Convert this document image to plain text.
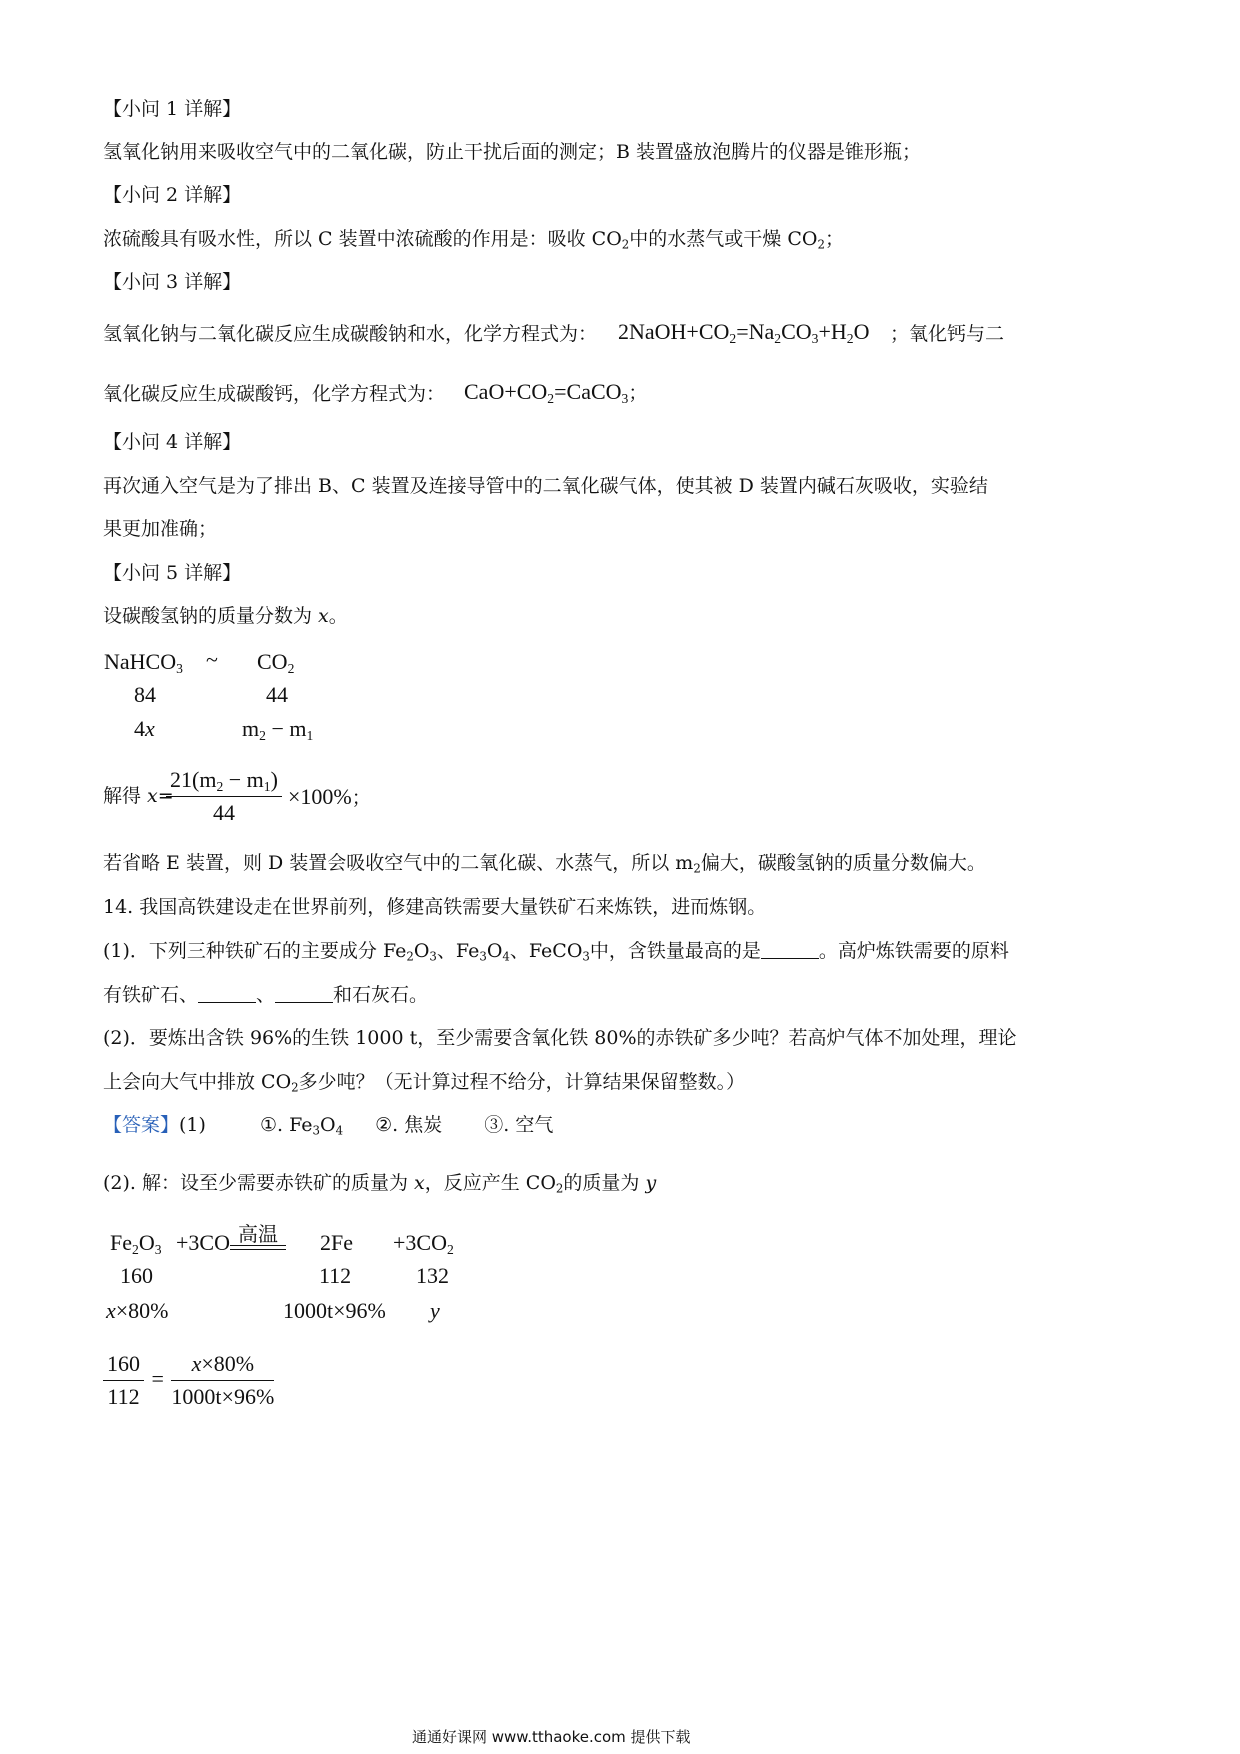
【小问 1 详解】
氢氧化钠用来吸收空气中的二氧化碳，防止干扰后面的测定；B 装置盛放泡腾片的仪器是锥形瓶；
【小问 2 详解】
浓硫酸具有吸水性，所以 C 装置中浓硫酸的作用是：吸收 $CO_2$中的水蒸气或干燥 $CO_2$；
【小问 3 详解】
氢氧化钠与二氧化碳反应生成碳酸钠和水，化学方程式为： $2NaOH+CO_2=Na_2CO_3+H_2O$ ；氧化钙与二
氧化碳反应生成碳酸钙，化学方程式为： $CaO+CO_2=CaCO_3$；
【小问 4 详解】
再次通入空气是为了排出 B、C 装置及连接导管中的二氧化碳气体，使其被 D 装置内碱石灰吸收，实验结
果更加准确；
【小问 5 详解】
设碳酸氢钠的质量分数为 x。
NaHCO$_3$ ~ $CO_2$
84	44
4x	$m_2 - m_1$
解得 x=
$\frac{21(m_2 - m_1)}{44} \times 100\%$；
若省略 E 装置，则 D 装置会吸收空气中的二氧化碳、水蒸气，所以 $m_2$偏大，碳酸氢钠的质量分数偏大。
14. 我国高铁建设走在世界前列，修建高铁需要大量铁矿石来炼铁，进而炼钢。
(1)．下列三种铁矿石的主要成分 $Fe_2O_3$、$Fe_3O_4$、FeCO$_3$中，含铁量最高的是	。高炉炼铁需要的原料
有铁矿石、	、	和石灰石。
(2)．要炼出含铁 96%的生铁 1000 t，至少需要含氧化铁 80%的赤铁矿多少吨？若高炉气体不加处理，理论
上会向大气中排放 $CO_2$多少吨？（无计算过程不给分，计算结果保留整数。）
【答案】(1)	①. $Fe_3O_4$ ②. 焦炭 ③. 空气
(2). 解：设至少需要赤铁矿的质量为 x，反应产生 $CO_2$的质量为 y
$Fe_2O_3 +3CO$ 高温	$2Fe +3CO_2$
160	112	132
x×80%	1000t×96% y
$\frac{160}{112} = \frac{x\times 80\%}{1000t\times 96\%}$
通通好课网 www.tthaoke.com 提供下载
